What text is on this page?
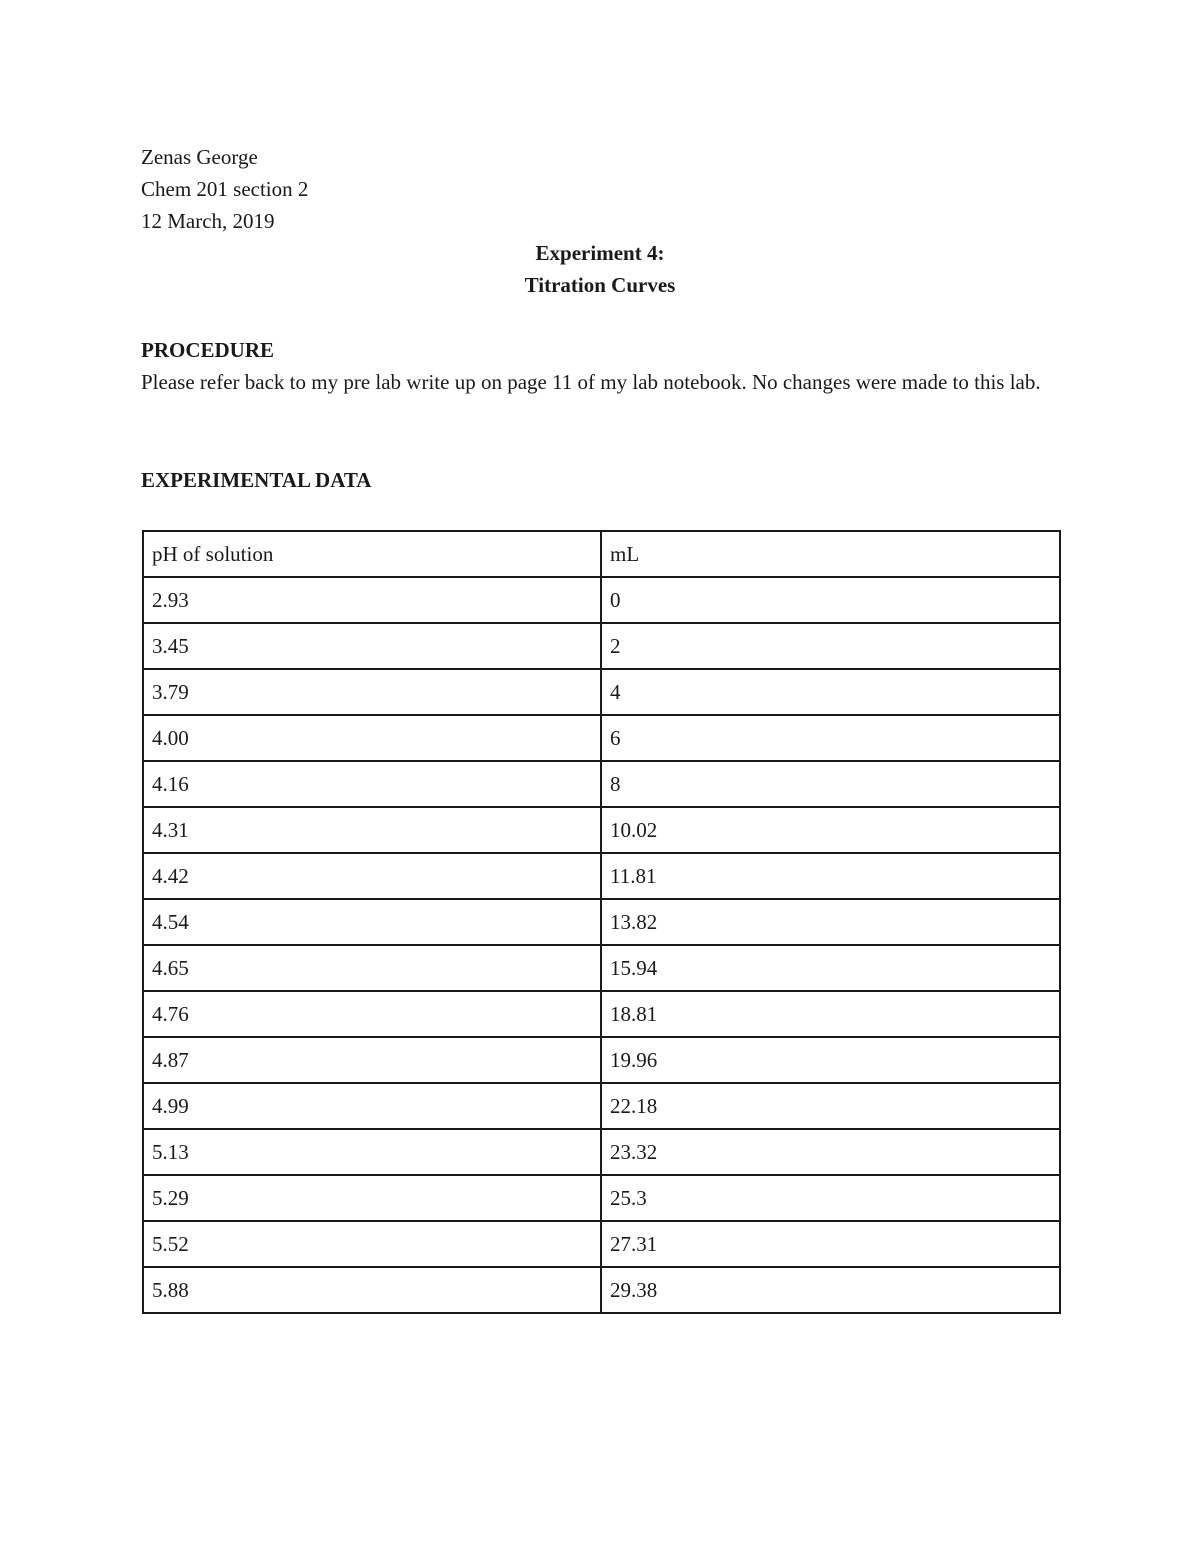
Zenas George
Chem 201 section 2
12 March, 2019
Experiment 4:
Titration Curves
PROCEDURE
Please refer back to my pre lab write up on page 11 of my lab notebook. No changes were made to this lab.
EXPERIMENTAL DATA
pH of solution	mL
2.93	0
3.45	2
3.79	4
4.00	6
4.16	8
4.31	10.02
4.42	11.81
4.54	13.82
4.65	15.94
4.76	18.81
4.87	19.96
4.99	22.18
5.13	23.32
5.29	25.3
5.52	27.31
5.88	29.38
